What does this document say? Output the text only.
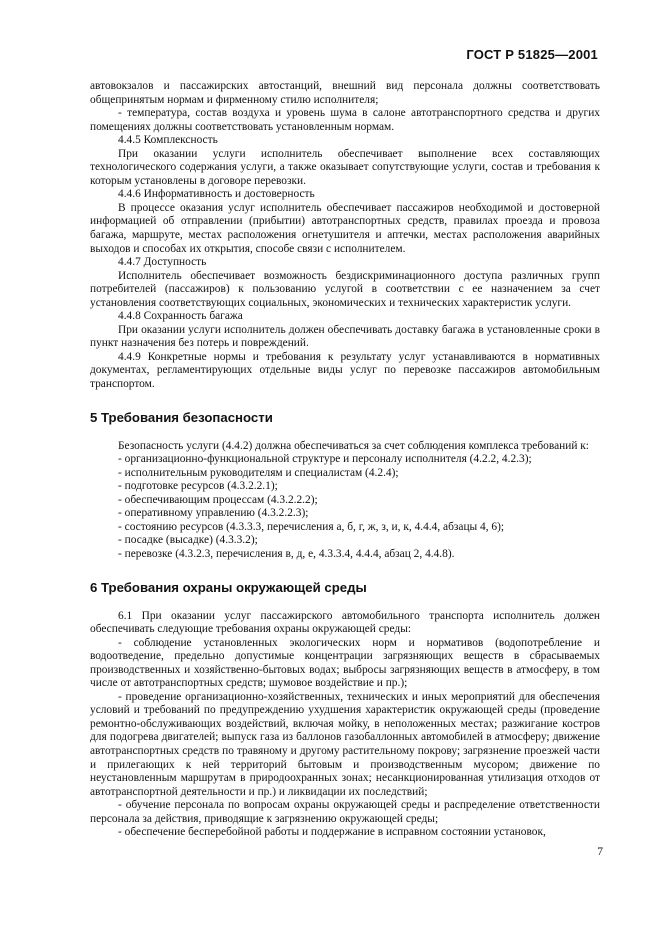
ГОСТ Р 51825—2001

автовокзалов и пассажирских автостанций, внешний вид персонала должны соответствовать общепринятым нормам и фирменному стилю исполнителя;

- температура, состав воздуха и уровень шума в салоне автотранспортного средства и других помещениях должны соответствовать установленным нормам.

4.4.5 Комплексность

При оказании услуги исполнитель обеспечивает выполнение всех составляющих технологического содержания услуги, а также оказывает сопутствующие услуги, состав и требования к которым установлены в договоре перевозки.

4.4.6 Информативность и достоверность

В процессе оказания услуг исполнитель обеспечивает пассажиров необходимой и достоверной информацией об отправлении (прибытии) автотранспортных средств, правилах проезда и провоза багажа, маршруте, местах расположения огнетушителя и аптечки, местах расположения аварийных выходов и способах их открытия, способе связи с исполнителем.

4.4.7 Доступность

Исполнитель обеспечивает возможность бездискриминационного доступа различных групп потребителей (пассажиров) к пользованию услугой в соответствии с ее назначением за счет установления соответствующих социальных, экономических и технических характеристик услуги.

4.4.8 Сохранность багажа

При оказании услуги исполнитель должен обеспечивать доставку багажа в установленные сроки в пункт назначения без потерь и повреждений.

4.4.9 Конкретные нормы и требования к результату услуг устанавливаются в нормативных документах, регламентирующих отдельные виды услуг по перевозке пассажиров автомобильным транспортом.

5 Требования безопасности

Безопасность услуги (4.4.2) должна обеспечиваться за счет соблюдения комплекса требований к:

- организационно-функциональной структуре и персоналу исполнителя (4.2.2, 4.2.3);

- исполнительным руководителям и специалистам (4.2.4);

- подготовке ресурсов (4.3.2.2.1);

- обеспечивающим процессам (4.3.2.2.2);

- оперативному управлению (4.3.2.2.3);

- состоянию ресурсов (4.3.3.3, перечисления а, б, г, ж, з, и, к, 4.4.4, абзацы 4, 6);

- посадке (высадке) (4.3.3.2);

- перевозке (4.3.2.3, перечисления в, д, е, 4.3.3.4, 4.4.4, абзац 2, 4.4.8).

6 Требования охраны окружающей среды

6.1 При оказании услуг пассажирского автомобильного транспорта исполнитель должен обеспечивать следующие требования охраны окружающей среды:

- соблюдение установленных экологических норм и нормативов (водопотребление и водоотведение, предельно допустимые концентрации загрязняющих веществ в сбрасываемых производственных и хозяйственно-бытовых водах; выбросы загрязняющих веществ в атмосферу, в том числе от автотранспортных средств; шумовое воздействие и пр.);

- проведение организационно-хозяйственных, технических и иных мероприятий для обеспечения условий и требований по предупреждению ухудшения характеристик окружающей среды (проведение ремонтно-обслуживающих воздействий, включая мойку, в неположенных местах; разжигание костров для подогрева двигателей; выпуск газа из баллонов газобаллонных автомобилей в атмосферу; движение автотранспортных средств по травяному и другому растительному покрову; загрязнение проезжей части и прилегающих к ней территорий бытовым и производственным мусором; движение по неустановленным маршрутам в природоохранных зонах; несанкционированная утилизация отходов от автотранспортной деятельности и пр.) и ликвидации их последствий;

- обучение персонала по вопросам охраны окружающей среды и распределение ответственности персонала за действия, приводящие к загрязнению окружающей среды;

- обеспечение бесперебойной работы и поддержание в исправном состоянии установок,

7
